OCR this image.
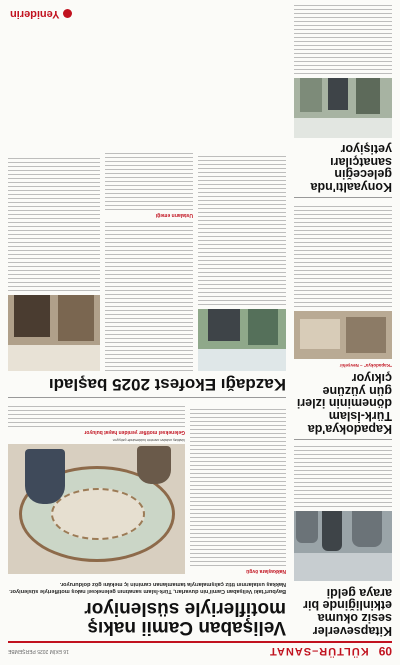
09
KÜLTÜR–SANAT
16 EKİM 2025 PERŞEMBE
Kitapseverler sesiz okuma etkinliğinde bir araya geldi
Kapadokya'da Türk-İslam döneminin izleri gün yüzüne çıkıyor
"Kapadokya" – Nevşehir
Konyaaltı'nda geleceğin sanatçıları yetişiyor
Velişaban Camii nakış motifleriyle süsleniyor
Bayburt'taki Velişaban Camii'nin duvarları, Türk-İslam sanatının geleneksel nakış motifleriyle süsleniyor. Nakkaş ustalarının titiz çalışmalarıyla tamamlanan caminin iç mekânı göz dolduruyor.
Nakkaşlara övgü
Nakkaş ustaları caminin kubbesinde çalışıyor.
Geleneksel motifler yeniden hayat buluyor
Kazdağı Ekofest 2025 başladı
Ustaların emeği
Yeniderin
